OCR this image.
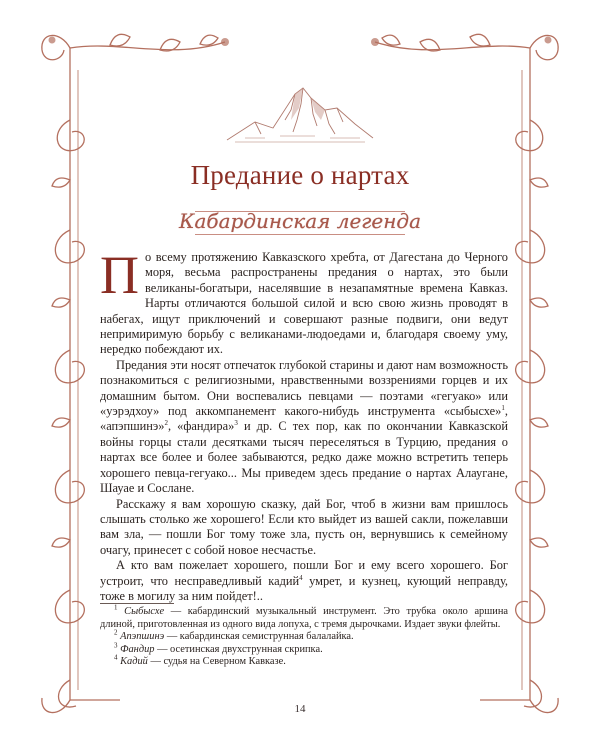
Предание о нартах
Кабардинская легенда

По всему протяжению Кавказского хребта, от Дагестана до Черного моря, весьма распространены предания о нартах, это были великаны-богатыри, населявшие в незапамятные времена Кавказ. Нарты отличаются большой силой и всю свою жизнь проводят в набегах, ищут приключений и совершают разные подвиги, они ведут непримиримую борьбу с великанами-людоедами и, благодаря своему уму, нередко побеждают их.

Предания эти носят отпечаток глубокой старины и дают нам возможность познакомиться с религиозными, нравственными воззрениями горцев и их домашним бытом. Они воспевались певцами — поэтами «гегуако» или «уэрэдхоу» под аккомпанемент какого-нибудь инструмента «сыбысхе»$^1$, «апэпшинэ»$^2$, «фандира»$^3$ и др. С тех пор, как по окончании Кавказской войны горцы стали десятками тысяч переселяться в Турцию, предания о нартах все более и более забываются, редко даже можно встретить теперь хорошего певца-гегуако... Мы приведем здесь предание о нартах Алаугане, Шауае и Сослане.

Расскажу я вам хорошую сказку, дай Бог, чтоб в жизни вам пришлось слышать столько же хорошего! Если кто выйдет из вашей сакли, пожелавши вам зла, — пошли Бог тому тоже зла, пусть он, вернувшись к семейному очагу, принесет с собой новое несчастье.

А кто вам пожелает хорошего, пошли Бог и ему всего хорошего. Бог устроит, что несправедливый кадий$^4$ умрет, и кузнец, кующий неправду, тоже в могилу за ним пойдет!..

$^1$ Сыбысхе — кабардинский музыкальный инструмент. Это трубка около аршина длиной, приготовленная из одного вида лопуха, с тремя дырочками. Издает звуки флейты.

$^2$ Апэпшинэ — кабардинская семиструнная балалайка.

$^3$ Фандир — осетинская двухструнная скрипка.

$^4$ Кадий — судья на Северном Кавказе.

14
